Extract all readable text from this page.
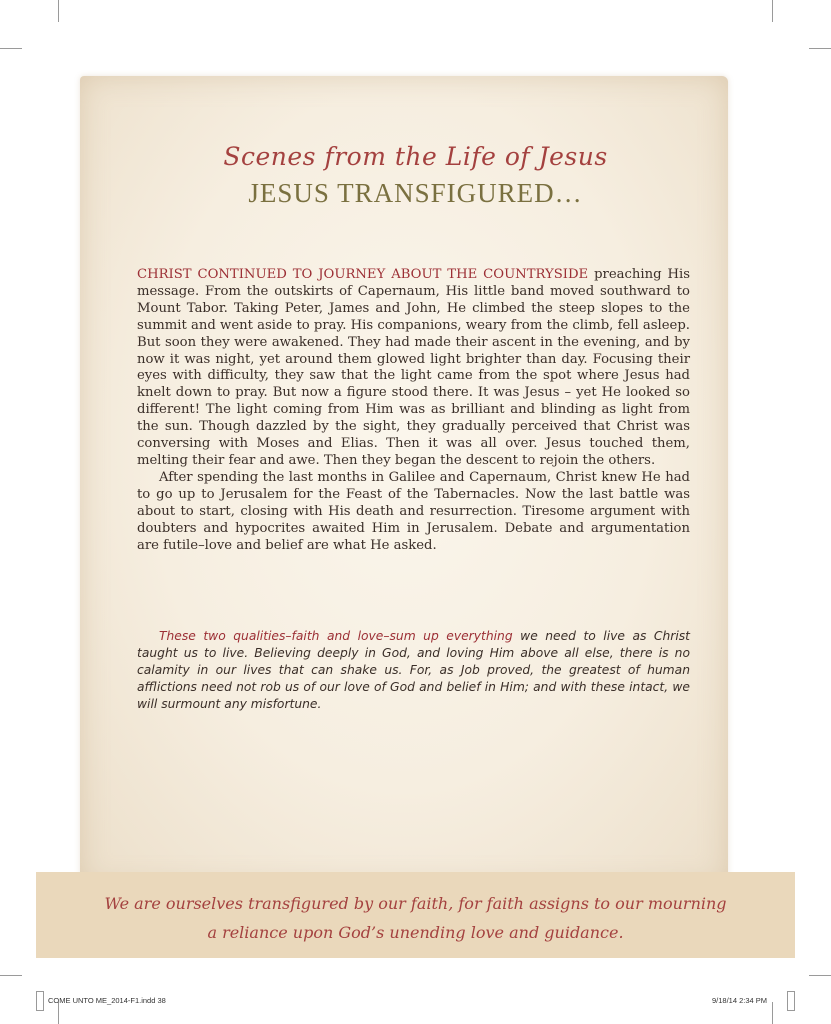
Scenes from the Life of Jesus
JESUS TRANSFIGURED…

CHRIST CONTINUED TO JOURNEY ABOUT THE COUNTRYSIDE preaching His message. From the outskirts of Capernaum, His little band moved southward to Mount Tabor. Taking Peter, James and John, He climbed the steep slopes to the summit and went aside to pray. His companions, weary from the climb, fell asleep. But soon they were awakened. They had made their ascent in the evening, and by now it was night, yet around them glowed light brighter than day. Focusing their eyes with difficulty, they saw that the light came from the spot where Jesus had knelt down to pray. But now a figure stood there. It was Jesus – yet He looked so different! The light coming from Him was as brilliant and blinding as light from the sun. Though dazzled by the sight, they gradually perceived that Christ was conversing with Moses and Elias. Then it was all over. Jesus touched them, melting their fear and awe. Then they began the descent to rejoin the others.

After spending the last months in Galilee and Capernaum, Christ knew He had to go up to Jerusalem for the Feast of the Tabernacles. Now the last battle was about to start, closing with His death and resurrection. Tiresome argument with doubters and hypocrites awaited Him in Jerusalem. Debate and argumentation are futile–love and belief are what He asked.

These two qualities–faith and love–sum up everything we need to live as Christ taught us to live. Believing deeply in God, and loving Him above all else, there is no calamity in our lives that can shake us. For, as Job proved, the greatest of human afflictions need not rob us of our love of God and belief in Him; and with these intact, we will surmount any misfortune.

We are ourselves transfigured by our faith, for faith assigns to our mourning
a reliance upon God’s unending love and guidance.
COME UNTO ME_2014-F1.indd 38	9/18/14 2:34 PM
